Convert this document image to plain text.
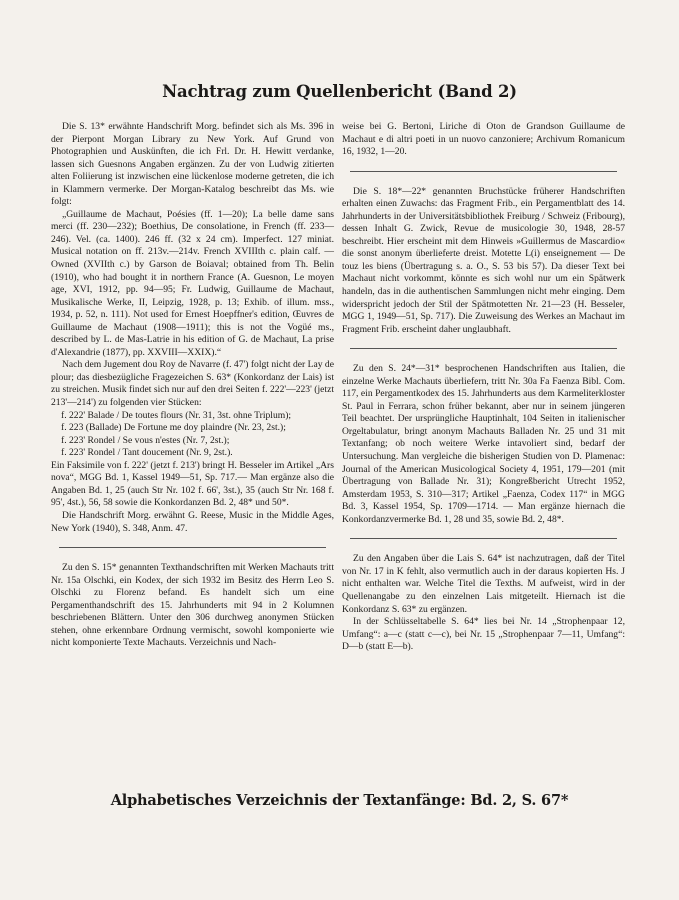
Nachtrag zum Quellenbericht (Band 2)

Die S. 13* erwähnte Handschrift Morg. befindet sich als Ms. 396 in der Pierpont Morgan Library zu New York. Auf Grund von Photographien und Auskünften, die ich Frl. Dr. H. Hewitt verdanke, lassen sich Guesnons Angaben ergänzen. Zu der von Ludwig zitierten alten Foliierung ist inzwischen eine lückenlose moderne getreten, die ich in Klammern vermerke. Der Morgan-Katalog beschreibt das Ms. wie folgt:

„Guillaume de Machaut, Poésies (ff. 1—20); La belle dame sans merci (ff. 230—232); Boethius, De consolatione, in French (ff. 233—246). Vel. (ca. 1400). 246 ff. (32 x 24 cm). Imperfect. 127 miniat. Musical notation on ff. 213v.—214v. French XVIIIth c. plain calf. — Owned (XVIIth c.) by Garson de Boiaval; obtained from Th. Belin (1910), who had bought it in northern France (A. Guesnon, Le moyen age, XVI, 1912, pp. 94—95; Fr. Ludwig, Guillaume de Machaut, Musikalische Werke, II, Leipzig, 1928, p. 13; Exhib. of illum. mss., 1934, p. 52, n. 111). Not used for Ernest Hoepffner's edition, Œuvres de Guillaume de Machaut (1908—1911); this is not the Vogüé ms., described by L. de Mas-Latrie in his edition of G. de Machaut, La prise d'Alexandrie (1877), pp. XXVIII—XXIX).“

Nach dem Jugement dou Roy de Navarre (f. 47') folgt nicht der Lay de plour; das diesbezügliche Fragezeichen S. 63* (Konkordanz der Lais) ist zu streichen. Musik findet sich nur auf den drei Seiten f. 222'—223' (jetzt 213'—214') zu folgenden vier Stücken:

f. 222' Balade / De toutes flours (Nr. 31, 3st. ohne Triplum);

f. 223 (Ballade) De Fortune me doy plaindre (Nr. 23, 2st.);

f. 223' Rondel / Se vous n'estes (Nr. 7, 2st.);

f. 223' Rondel / Tant doucement (Nr. 9, 2st.).

Ein Faksimile von f. 222' (jetzt f. 213') bringt H. Besseler im Artikel „Ars nova“, MGG Bd. 1, Kassel 1949—51, Sp. 717.— Man ergänze also die Angaben Bd. 1, 25 (auch Str Nr. 102 f. 66', 3st.), 35 (auch Str Nr. 168 f. 95', 4st.), 56, 58 sowie die Konkordanzen Bd. 2, 48* und 50*.

Die Handschrift Morg. erwähnt G. Reese, Music in the Middle Ages, New York (1940), S. 348, Anm. 47.

Zu den S. 15* genannten Texthandschriften mit Werken Machauts tritt Nr. 15a Olschki, ein Kodex, der sich 1932 im Besitz des Herrn Leo S. Olschki zu Florenz befand. Es handelt sich um eine Pergamenthandschrift des 15. Jahrhunderts mit 94 in 2 Kolumnen beschriebenen Blättern. Unter den 306 durchweg anonymen Stücken stehen, ohne erkennbare Ordnung vermischt, sowohl komponierte wie nicht komponierte Texte Machauts. Verzeichnis und Nach-

weise bei G. Bertoni, Liriche di Oton de Grandson Guillaume de Machaut e di altri poeti in un nuovo canzoniere; Archivum Romanicum 16, 1932, 1—20.

Die S. 18*—22* genannten Bruchstücke früherer Handschriften erhalten einen Zuwachs: das Fragment Frib., ein Pergamentblatt des 14. Jahrhunderts in der Universitätsbibliothek Freiburg / Schweiz (Fribourg), dessen Inhalt G. Zwick, Revue de musicologie 30, 1948, 28-57 beschreibt. Hier erscheint mit dem Hinweis »Guillermus de Mascardio« die sonst anonym überlieferte dreist. Motette L(i) enseignement — De touz les biens (Übertragung s. a. O., S. 53 bis 57). Da dieser Text bei Machaut nicht vorkommt, könnte es sich wohl nur um ein Spätwerk handeln, das in die authentischen Sammlungen nicht mehr einging. Dem widerspricht jedoch der Stil der Spätmotetten Nr. 21—23 (H. Besseler, MGG 1, 1949—51, Sp. 717). Die Zuweisung des Werkes an Machaut im Fragment Frib. erscheint daher unglaubhaft.

Zu den S. 24*—31* besprochenen Handschriften aus Italien, die einzelne Werke Machauts überliefern, tritt Nr. 30a Fa Faenza Bibl. Com. 117, ein Pergamentkodex des 15. Jahrhunderts aus dem Karmeliterkloster St. Paul in Ferrara, schon früher bekannt, aber nur in seinem jüngeren Teil beachtet. Der ursprüngliche Hauptinhalt, 104 Seiten in italienischer Orgeltabulatur, bringt anonym Machauts Balladen Nr. 25 und 31 mit Textanfang; ob noch weitere Werke intavoliert sind, bedarf der Untersuchung. Man vergleiche die bisherigen Studien von D. Plamenac: Journal of the American Musicological Society 4, 1951, 179—201 (mit Übertragung von Ballade Nr. 31); Kongreßbericht Utrecht 1952, Amsterdam 1953, S. 310—317; Artikel „Faenza, Codex 117“ in MGG Bd. 3, Kassel 1954, Sp. 1709—1714. — Man ergänze hiernach die Konkordanzvermerke Bd. 1, 28 und 35, sowie Bd. 2, 48*.

Zu den Angaben über die Lais S. 64* ist nachzutragen, daß der Titel von Nr. 17 in K fehlt, also vermutlich auch in der daraus kopierten Hs. J nicht enthalten war. Welche Titel die Texths. M aufweist, wird in der Quellenangabe zu den einzelnen Lais mitgeteilt. Hiernach ist die Konkordanz S. 63* zu ergänzen.

In der Schlüsseltabelle S. 64* lies bei Nr. 14 „Strophenpaar 12, Umfang“: a—c (statt c—c), bei Nr. 15 „Strophenpaar 7—11, Umfang“: D—b (statt E—b).

Alphabetisches Verzeichnis der Textanfänge: Bd. 2, S. 67*
